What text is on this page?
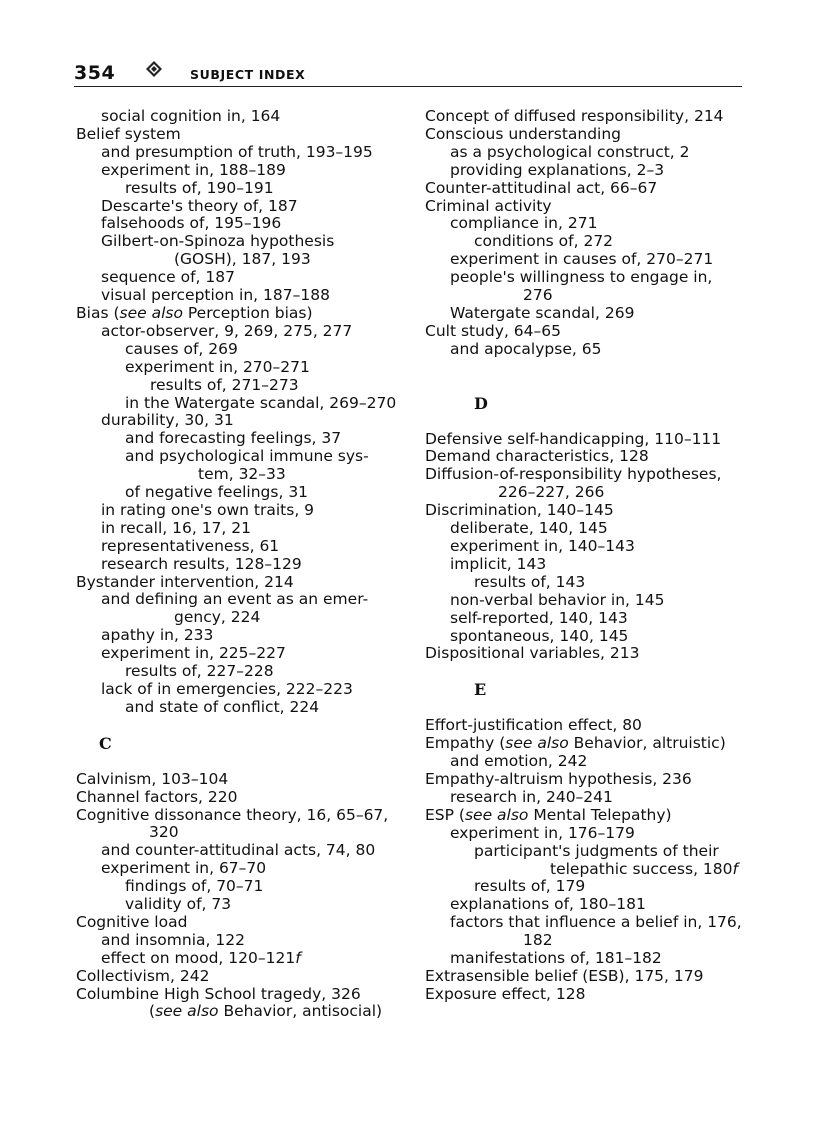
354	SUBJECT INDEX
social cognition in, 164
Belief system
and presumption of truth, 193–195
experiment in, 188–189
results of, 190–191
Descarte's theory of, 187
falsehoods of, 195–196
Gilbert-on-Spinoza hypothesis
(GOSH), 187, 193
sequence of, 187
visual perception in, 187–188
Bias (see also Perception bias)
actor-observer, 9, 269, 275, 277
causes of, 269
experiment in, 270–271
results of, 271–273
in the Watergate scandal, 269–270
durability, 30, 31
and forecasting feelings, 37
and psychological immune sys-
tem, 32–33
of negative feelings, 31
in rating one's own traits, 9
in recall, 16, 17, 21
representativeness, 61
research results, 128–129
Bystander intervention, 214
and defining an event as an emer-
gency, 224
apathy in, 233
experiment in, 225–227
results of, 227–228
lack of in emergencies, 222–223
and state of conflict, 224
C
Calvinism, 103–104
Channel factors, 220
Cognitive dissonance theory, 16, 65–67,
320
and counter-attitudinal acts, 74, 80
experiment in, 67–70
findings of, 70–71
validity of, 73
Cognitive load
and insomnia, 122
effect on mood, 120–121f
Collectivism, 242
Columbine High School tragedy, 326
(see also Behavior, antisocial)
Concept of diffused responsibility, 214
Conscious understanding
as a psychological construct, 2
providing explanations, 2–3
Counter-attitudinal act, 66–67
Criminal activity
compliance in, 271
conditions of, 272
experiment in causes of, 270–271
people's willingness to engage in,
276
Watergate scandal, 269
Cult study, 64–65
and apocalypse, 65
D
Defensive self-handicapping, 110–111
Demand characteristics, 128
Diffusion-of-responsibility hypotheses,
226–227, 266
Discrimination, 140–145
deliberate, 140, 145
experiment in, 140–143
implicit, 143
results of, 143
non-verbal behavior in, 145
self-reported, 140, 143
spontaneous, 140, 145
Dispositional variables, 213
E
Effort-justification effect, 80
Empathy (see also Behavior, altruistic)
and emotion, 242
Empathy-altruism hypothesis, 236
research in, 240–241
ESP (see also Mental Telepathy)
experiment in, 176–179
participant's judgments of their
telepathic success, 180f
results of, 179
explanations of, 180–181
factors that influence a belief in, 176,
182
manifestations of, 181–182
Extrasensible belief (ESB), 175, 179
Exposure effect, 128
